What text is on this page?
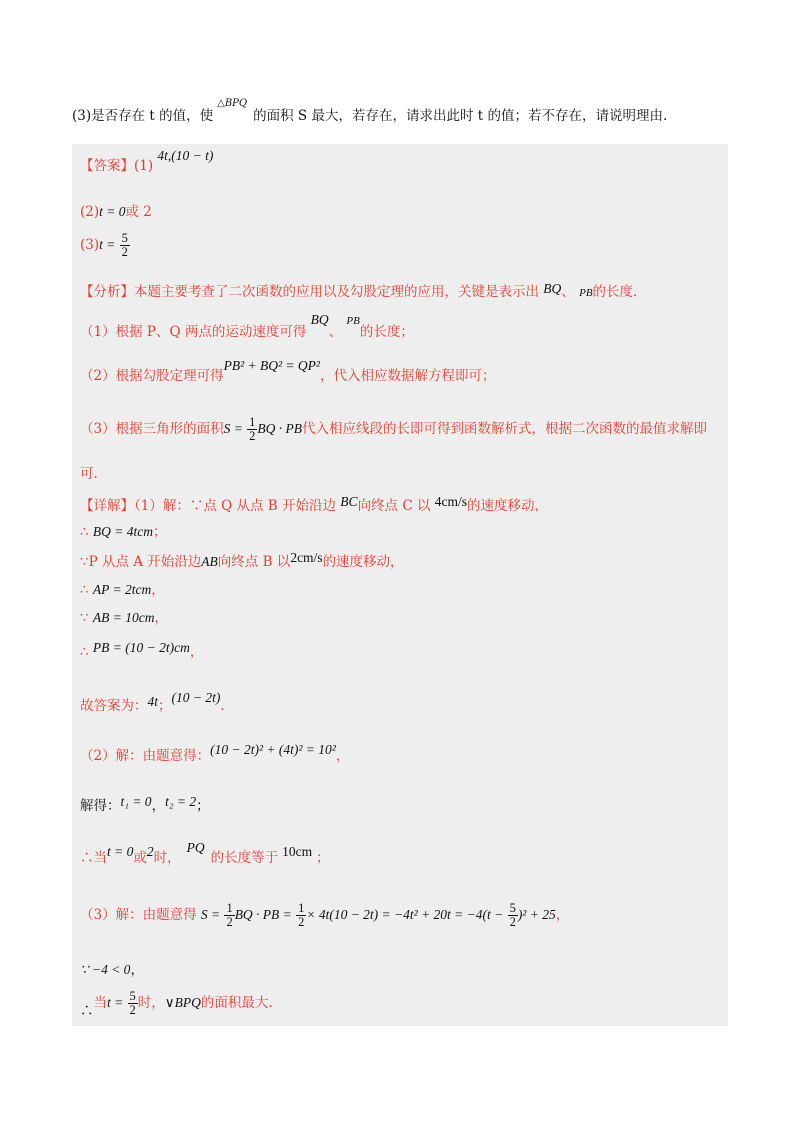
(3)是否存在 t 的值，使$^{\triangle BPQ}$的面积 S 最大，若存在，请求出此时 t 的值；若不存在，请说明理由.
【答案】(1) 4t,(10 − t)
(2)t = 0或 2
$(3)t = \frac{5}{2}$
【分析】本题主要考查了二次函数的应用以及勾股定理的应用，关键是表示出 BQ、 PB的长度.
（1）根据 P、Q 两点的运动速度可得 BQ、 $^{PB}$的长度；
（2）根据勾股定理可得PB² + BQ² = QP²，代入相应数据解方程即可；
（3）根据三角形的面积$S = \frac{1}{2}$ BQ · PB代入相应线段的长即可得到函数解析式，根据二次函数的最值求解即
可.
【详解】（1）解：∵点 Q 从点 B 开始沿边 BC向终点 C 以 4cm/s的速度移动，
∴ BQ = 4tcm；
∵P 从点 A 开始沿边AB向终点 B 以2cm/s的速度移动，
∴ AP = 2tcm，
∵ AB = 10cm，
∴ PB = (10 − 2t)cm，
故答案为：4t；(10 − 2t).
（2）解：由题意得：(10 − 2t)² + (4t)² = 10²，
解得：t₁ = 0，t₂ = 2；
∴当t = 0或2时，PQ的长度等于 10cm ；
（3）解：由题意得 $S = \frac{1}{2}$ BQ · PB = $\frac{1}{2} \times 4t(10 - 2t) = -4t^2 + 20t = -4(t - \frac{5}{2} )^2 + 25$，
∵ −4 < 0，
∴当$t = \frac{5}{2}$ 时，∨BPQ的面积最大.
